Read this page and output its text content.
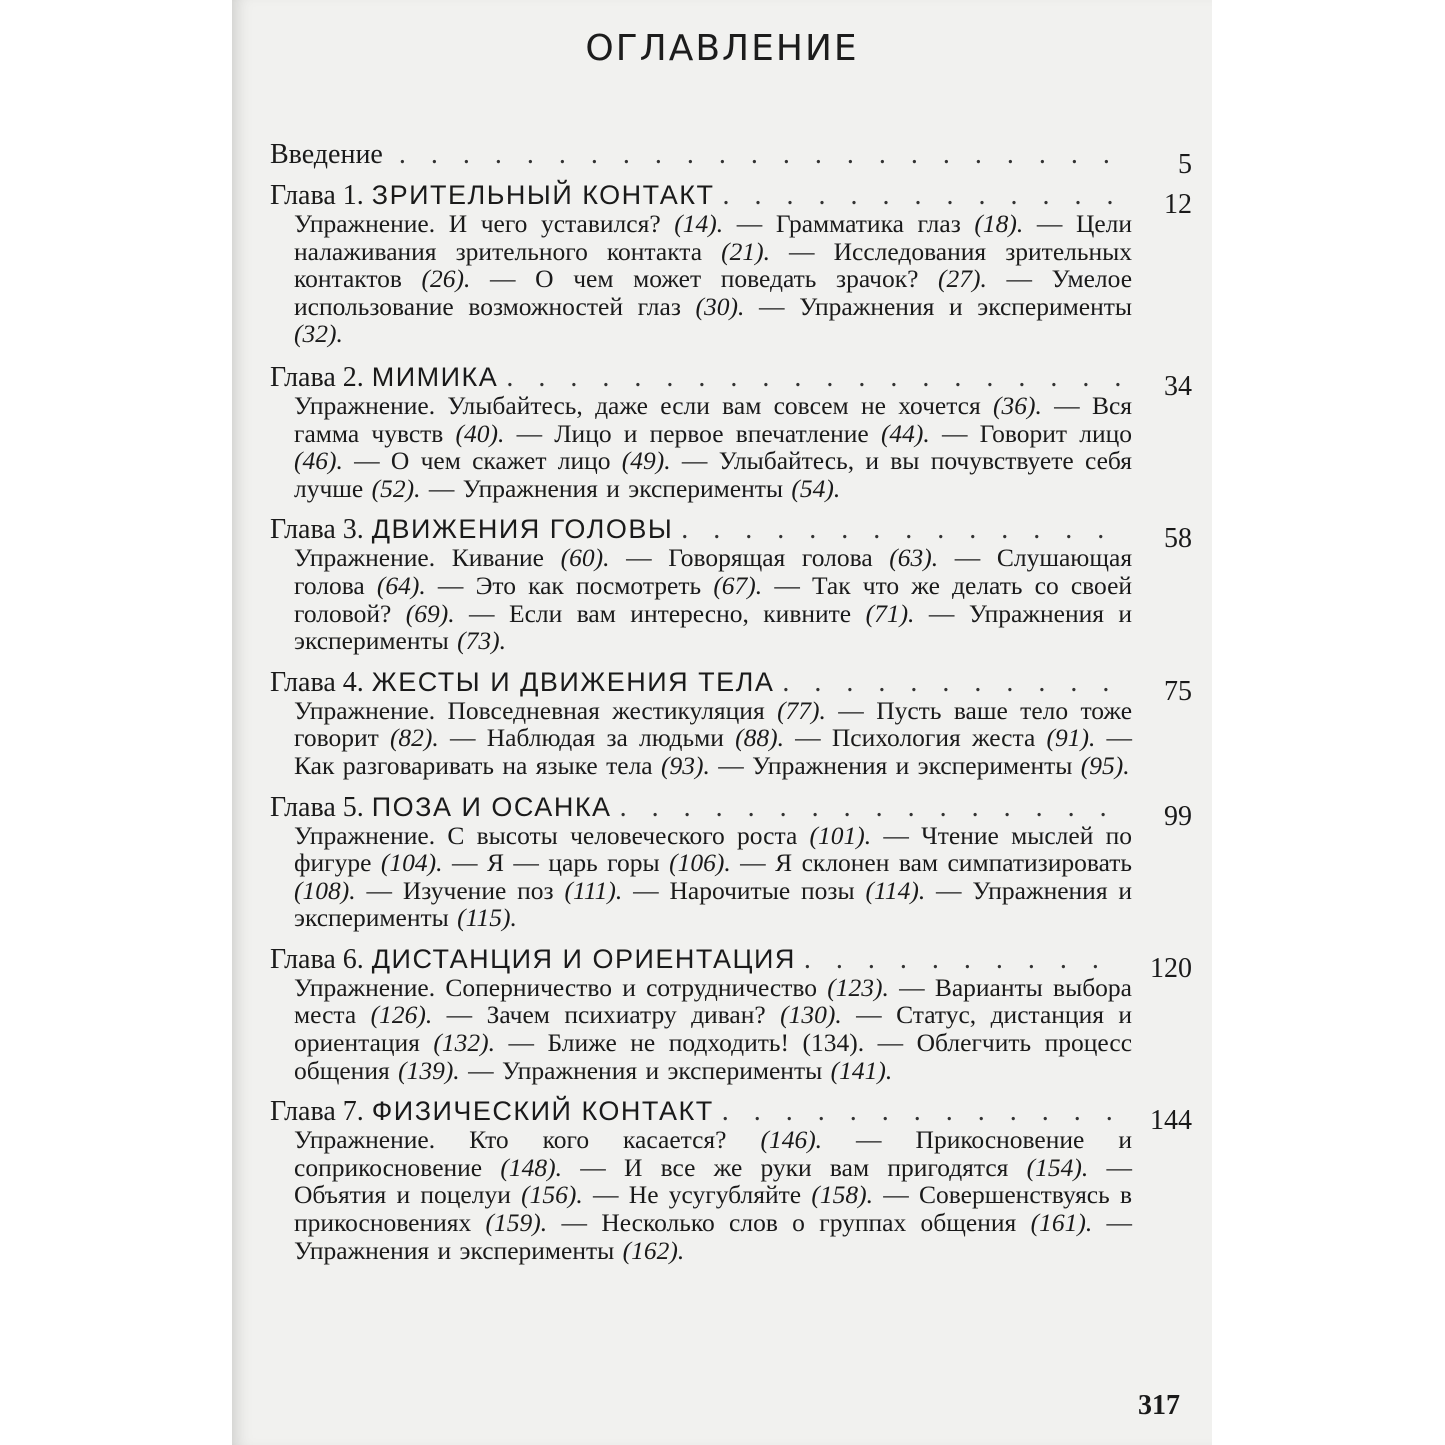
ОГЛАВЛЕНИЕ
Введение . . .	5
Глава 1. ЗРИТЕЛЬНЫЙ КОНТАКТ . . .	12
Упражнение. И чего уставился? (14). — Грамматика глаз (18). — Цели налаживания зрительного контакта (21). — Исследования зрительных контактов (26). — О чем может поведать зрачок? (27). — Умелое использование возможностей глаз (30). — Упражнения и эксперименты (32).
Глава 2. МИМИКА . . .	34
Упражнение. Улыбайтесь, даже если вам совсем не хочется (36). — Вся гамма чувств (40). — Лицо и первое впечатление (44). — Говорит лицо (46). — О чем скажет лицо (49). — Улыбайтесь, и вы почувствуете себя лучше (52). — Упражнения и эксперименты (54).
Глава 3. ДВИЖЕНИЯ ГОЛОВЫ . . .	58
Упражнение. Кивание (60). — Говорящая голова (63). — Слушающая голова (64). — Это как посмотреть (67). — Так что же делать со своей головой? (69). — Если вам интересно, кивните (71). — Упражнения и эксперименты (73).
Глава 4. ЖЕСТЫ И ДВИЖЕНИЯ ТЕЛА . . .	75
Упражнение. Повседневная жестикуляция (77). — Пусть ваше тело тоже говорит (82). — Наблюдая за людьми (88). — Психология жеста (91). — Как разговаривать на языке тела (93). — Упражнения и эксперименты (95).
Глава 5. ПОЗА И ОСАНКА . . .	99
Упражнение. С высоты человеческого роста (101). — Чтение мыслей по фигуре (104). — Я — царь горы (106). — Я склонен вам симпатизировать (108). — Изучение поз (111). — Нарочитые позы (114). — Упражнения и эксперименты (115).
Глава 6. ДИСТАНЦИЯ И ОРИЕНТАЦИЯ . . .	120
Упражнение. Соперничество и сотрудничество (123). — Варианты выбора места (126). — Зачем психиатру диван? (130). — Статус, дистанция и ориентация (132). — Ближе не подходить! (134). — Облегчить процесс общения (139). — Упражнения и эксперименты (141).
Глава 7. ФИЗИЧЕСКИЙ КОНТАКТ . . .	144
Упражнение. Кто кого касается? (146). — Прикосновение и соприкосновение (148). — И все же руки вам пригодятся (154). — Объятия и поцелуи (156). — Не усугубляйте (158). — Совершенствуясь в прикосновениях (159). — Несколько слов о группах общения (161). — Упражнения и эксперименты (162).
317
